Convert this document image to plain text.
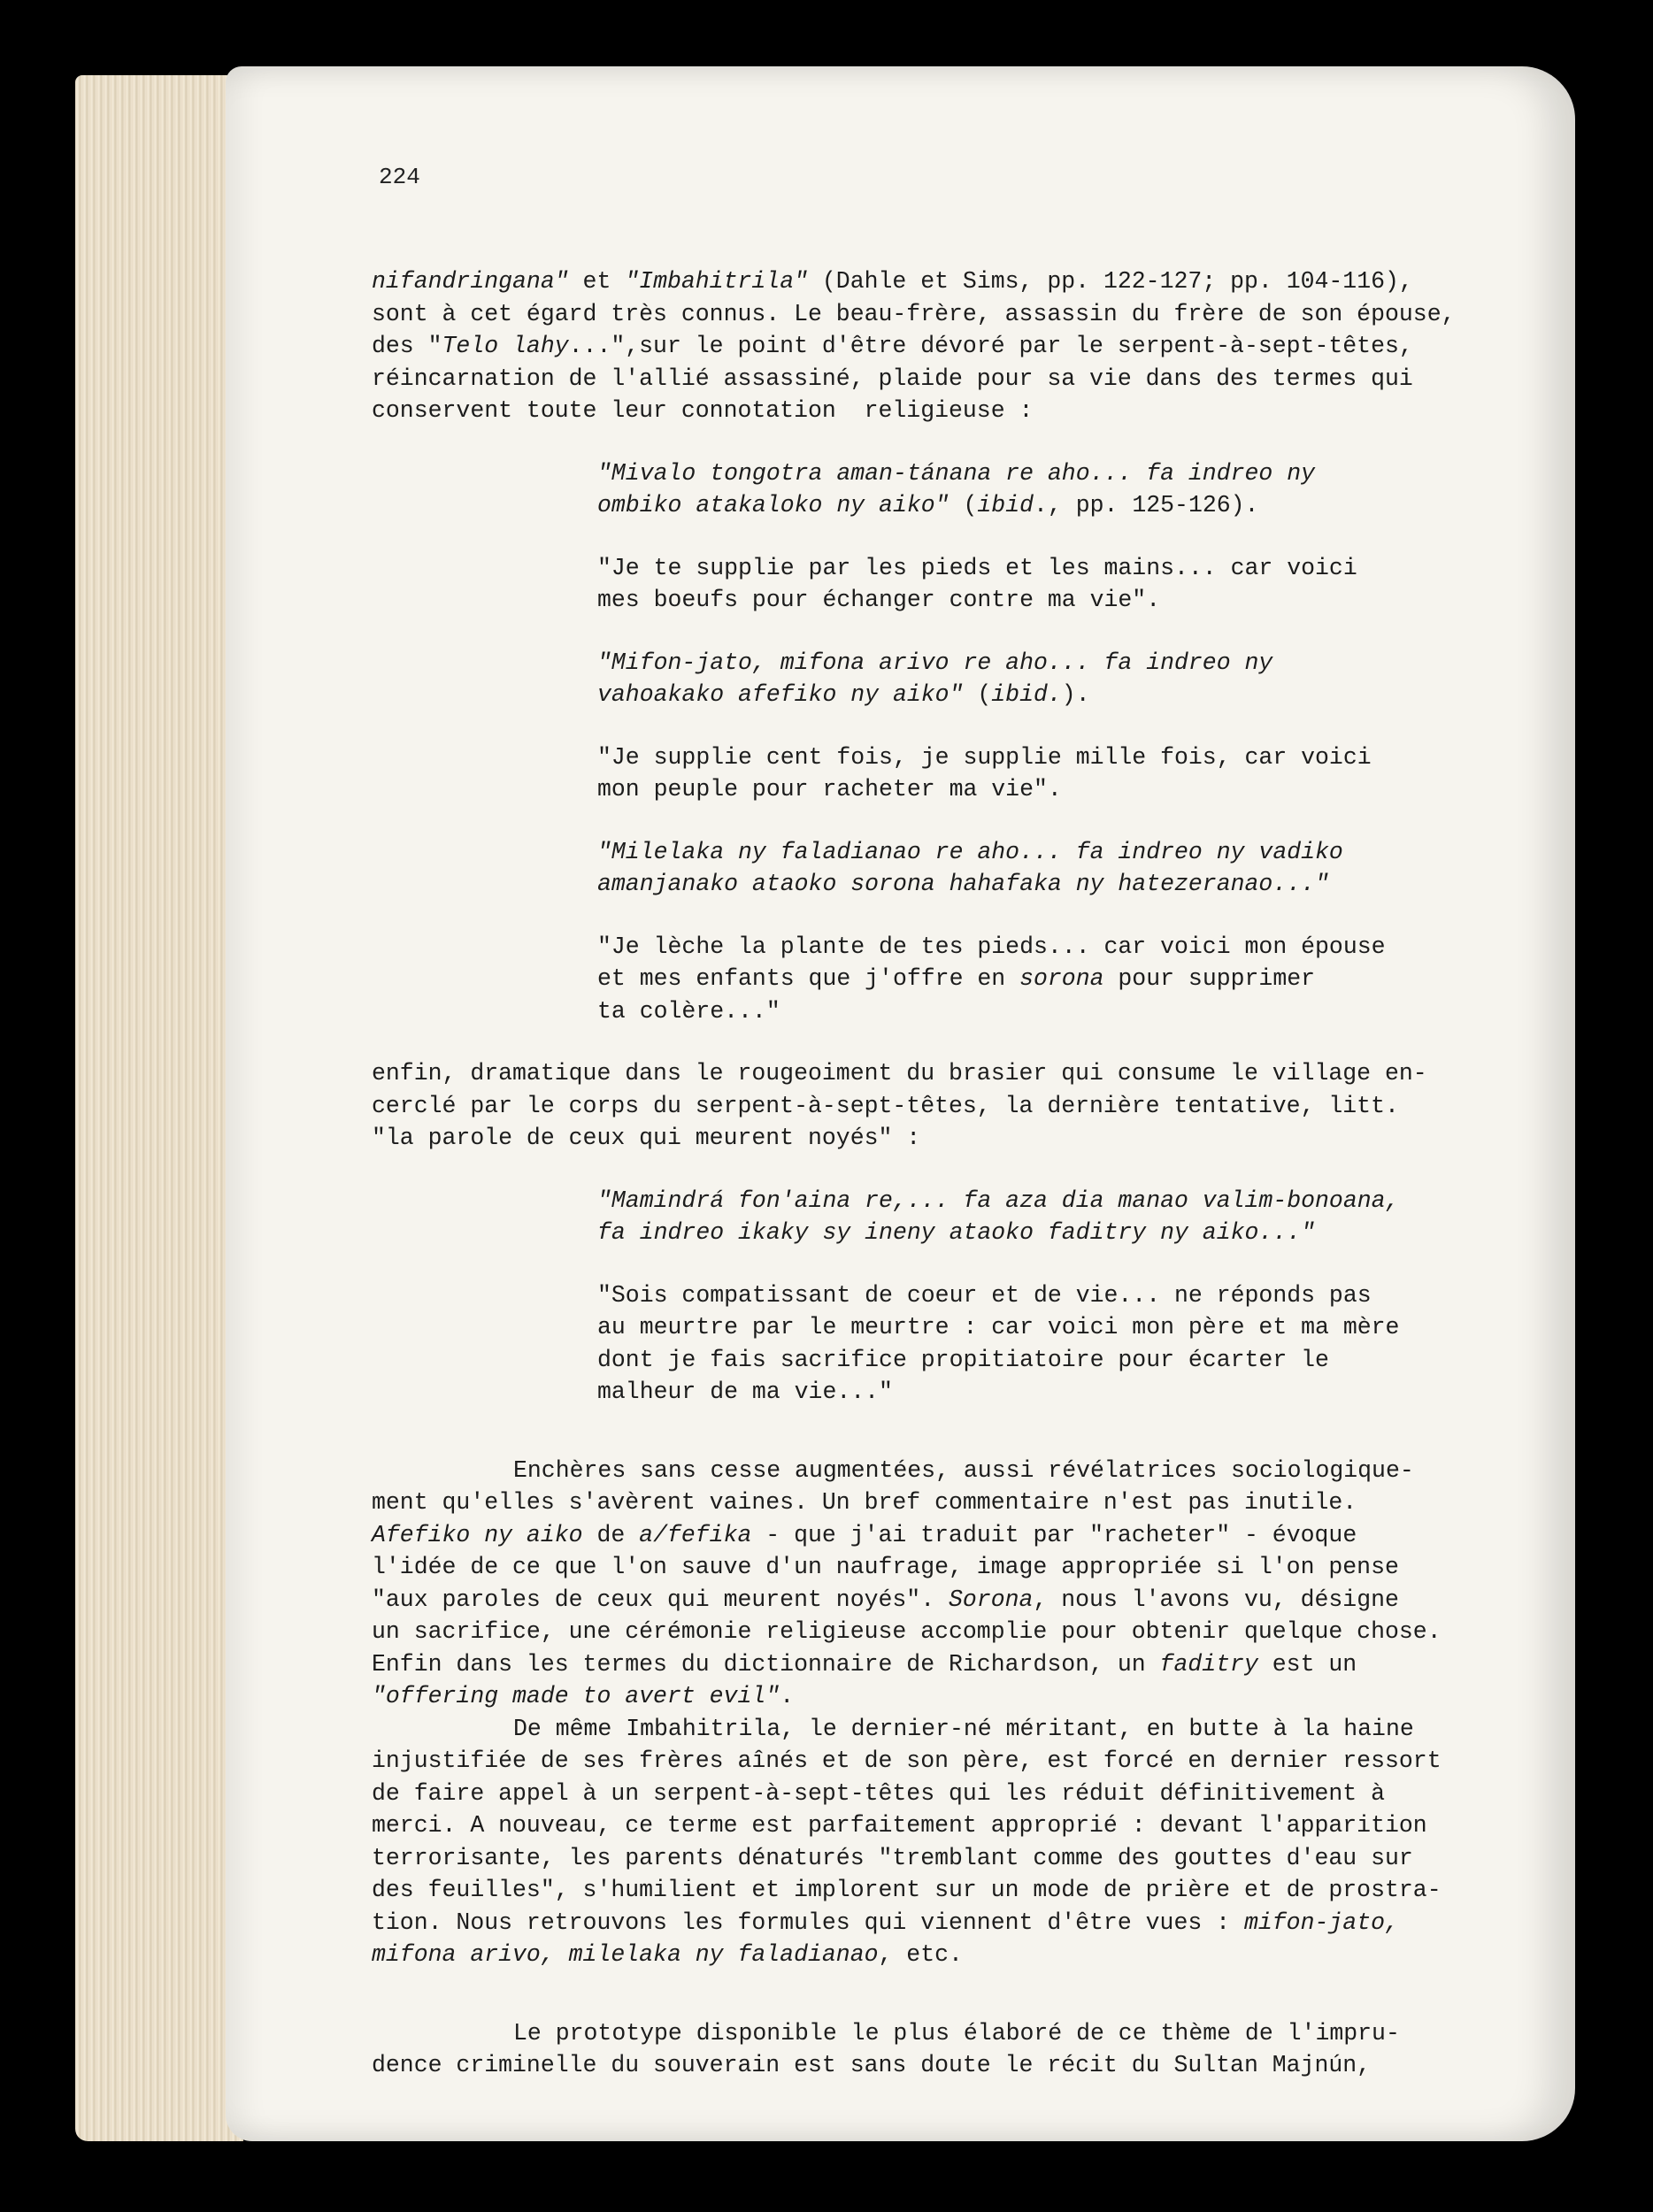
224
nifandringana" et "Imbahitrila" (Dahle et Sims, pp. 122-127; pp. 104-116),
sont à cet égard très connus. Le beau-frère, assassin du frère de son épouse,
des "Telo lahy...",sur le point d'être dévoré par le serpent-à-sept-têtes,
réincarnation de l'allié assassiné, plaide pour sa vie dans des termes qui
conservent toute leur connotation  religieuse :
"Mivalo tongotra aman-tánana re aho... fa indreo ny
ombiko atakaloko ny aiko" (ibid., pp. 125-126).
"Je te supplie par les pieds et les mains... car voici
mes boeufs pour échanger contre ma vie".
"Mifon-jato, mifona arivo re aho... fa indreo ny
vahoakako afefiko ny aiko" (ibid.).
"Je supplie cent fois, je supplie mille fois, car voici
mon peuple pour racheter ma vie".
"Milelaka ny faladianao re aho... fa indreo ny vadiko
amanjanako ataoko sorona hahafaka ny hatezeranao..."
"Je lèche la plante de tes pieds... car voici mon épouse
et mes enfants que j'offre en sorona pour supprimer
ta colère..."
enfin, dramatique dans le rougeoiment du brasier qui consume le village en-
cerclé par le corps du serpent-à-sept-têtes, la dernière tentative, litt.
"la parole de ceux qui meurent noyés" :
"Mamindrá fon'aina re,... fa aza dia manao valim-bonoana,
fa indreo ikaky sy ineny ataoko faditry ny aiko..."
"Sois compatissant de coeur et de vie... ne réponds pas
au meurtre par le meurtre : car voici mon père et ma mère
dont je fais sacrifice propitiatoire pour écarter le
malheur de ma vie..."
Enchères sans cesse augmentées, aussi révélatrices sociologique-
ment qu'elles s'avèrent vaines. Un bref commentaire n'est pas inutile.
Afefiko ny aiko de a/fefika - que j'ai traduit par "racheter" - évoque
l'idée de ce que l'on sauve d'un naufrage, image appropriée si l'on pense
"aux paroles de ceux qui meurent noyés". Sorona, nous l'avons vu, désigne
un sacrifice, une cérémonie religieuse accomplie pour obtenir quelque chose.
Enfin dans les termes du dictionnaire de Richardson, un faditry est un
"offering made to avert evil".
De même Imbahitrila, le dernier-né méritant, en butte à la haine
injustifiée de ses frères aînés et de son père, est forcé en dernier ressort
de faire appel à un serpent-à-sept-têtes qui les réduit définitivement à
merci. A nouveau, ce terme est parfaitement approprié : devant l'apparition
terrorisante, les parents dénaturés "tremblant comme des gouttes d'eau sur
des feuilles", s'humilient et implorent sur un mode de prière et de prostra-
tion. Nous retrouvons les formules qui viennent d'être vues : mifon-jato,
mifona arivo, milelaka ny faladianao, etc.
Le prototype disponible le plus élaboré de ce thème de l'impru-
dence criminelle du souverain est sans doute le récit du Sultan Majnún,
